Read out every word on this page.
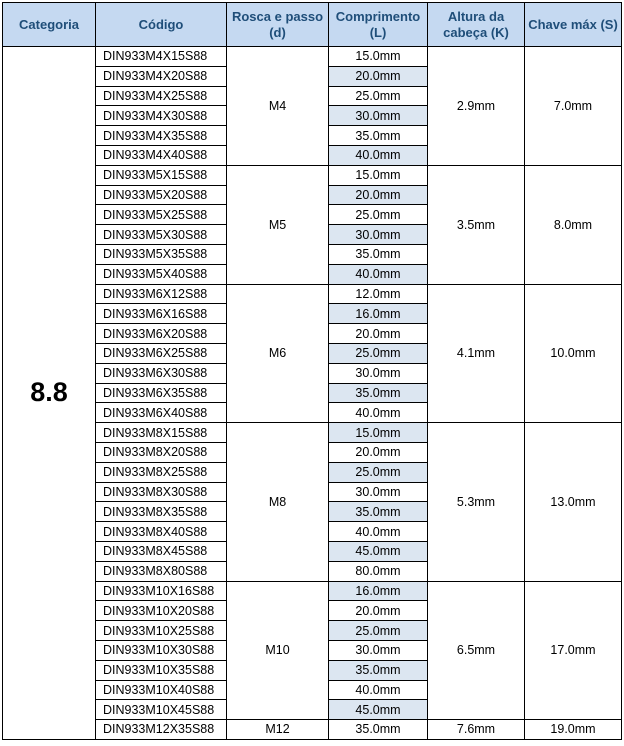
Categoria	Código	Rosca e passo (d)	Comprimento (L)	Altura da cabeça (K)	Chave máx (S)
8.8	DIN933M4X15S88	M4	15.0mm	2.9mm	7.0mm
	DIN933M4X20S88		20.0mm		
	DIN933M4X25S88		25.0mm		
	DIN933M4X30S88		30.0mm		
	DIN933M4X35S88		35.0mm		
	DIN933M4X40S88		40.0mm		
	DIN933M5X15S88	M5	15.0mm	3.5mm	8.0mm
	DIN933M5X20S88		20.0mm		
	DIN933M5X25S88		25.0mm		
	DIN933M5X30S88		30.0mm		
	DIN933M5X35S88		35.0mm		
	DIN933M5X40S88		40.0mm		
	DIN933M6X12S88	M6	12.0mm	4.1mm	10.0mm
	DIN933M6X16S88		16.0mm		
	DIN933M6X20S88		20.0mm		
	DIN933M6X25S88		25.0mm		
	DIN933M6X30S88		30.0mm		
	DIN933M6X35S88		35.0mm		
	DIN933M6X40S88		40.0mm		
	DIN933M8X15S88	M8	15.0mm	5.3mm	13.0mm
	DIN933M8X20S88		20.0mm		
	DIN933M8X25S88		25.0mm		
	DIN933M8X30S88		30.0mm		
	DIN933M8X35S88		35.0mm		
	DIN933M8X40S88		40.0mm		
	DIN933M8X45S88		45.0mm		
	DIN933M8X80S88		80.0mm		
	DIN933M10X16S88	M10	16.0mm	6.5mm	17.0mm
	DIN933M10X20S88		20.0mm		
	DIN933M10X25S88		25.0mm		
	DIN933M10X30S88		30.0mm		
	DIN933M10X35S88		35.0mm		
	DIN933M10X40S88		40.0mm		
	DIN933M10X45S88		45.0mm		
	DIN933M12X35S88	M12	35.0mm	7.6mm	19.0mm
